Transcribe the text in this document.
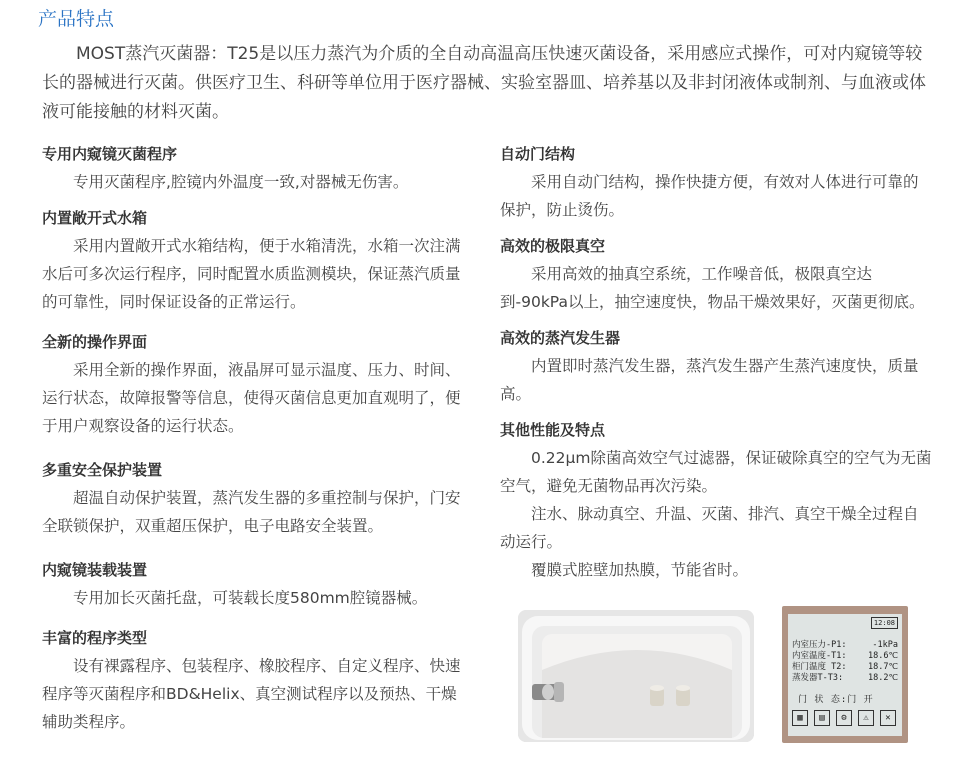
产品特点

MOST蒸汽灭菌器：T25是以压力蒸汽为介质的全自动高温高压快速灭菌设备，采用感应式操作，可对内窥镜等较长的器械进行灭菌。供医疗卫生、科研等单位用于医疗器械、实验室器皿、培养基以及非封闭液体或制剂、与血液或体液可能接触的材料灭菌。

专用内窥镜灭菌程序

专用灭菌程序,腔镜内外温度一致,对器械无伤害。

内置敞开式水箱

采用内置敞开式水箱结构，便于水箱清洗，水箱一次注满水后可多次运行程序，同时配置水质监测模块，保证蒸汽质量的可靠性，同时保证设备的正常运行。

全新的操作界面

采用全新的操作界面，液晶屏可显示温度、压力、时间、运行状态，故障报警等信息，使得灭菌信息更加直观明了，便于用户观察设备的运行状态。

多重安全保护装置

超温自动保护装置，蒸汽发生器的多重控制与保护，门安全联锁保护，双重超压保护，电子电路安全装置。

内窥镜装载装置

专用加长灭菌托盘，可装载长度580mm腔镜器械。

丰富的程序类型

设有裸露程序、包装程序、橡胶程序、自定义程序、快速程序等灭菌程序和BD&Helix、真空测试程序以及预热、干燥辅助类程序。

自动门结构

采用自动门结构，操作快捷方便，有效对人体进行可靠的保护，防止烫伤。

高效的极限真空

采用高效的抽真空系统，工作噪音低，极限真空达到-90kPa以上，抽空速度快，物品干燥效果好，灭菌更彻底。

高效的蒸汽发生器

内置即时蒸汽发生器，蒸汽发生器产生蒸汽速度快，质量高。

其他性能及特点

0.22μm除菌高效空气过滤器，保证破除真空的空气为无菌空气，避免无菌物品再次污染。

注水、脉动真空、升温、灭菌、排汽、真空干燥全过程自动运行。

覆膜式腔壁加热膜，节能省时。

12:08
内室压力-P1:	-1kPa
内室温度-T1:	18.6℃
柜门温度 T2:	18.7℃
蒸发器T-T3:	18.2℃
门 状 态:门 开
▦	▤	⚙	⚠	✕
